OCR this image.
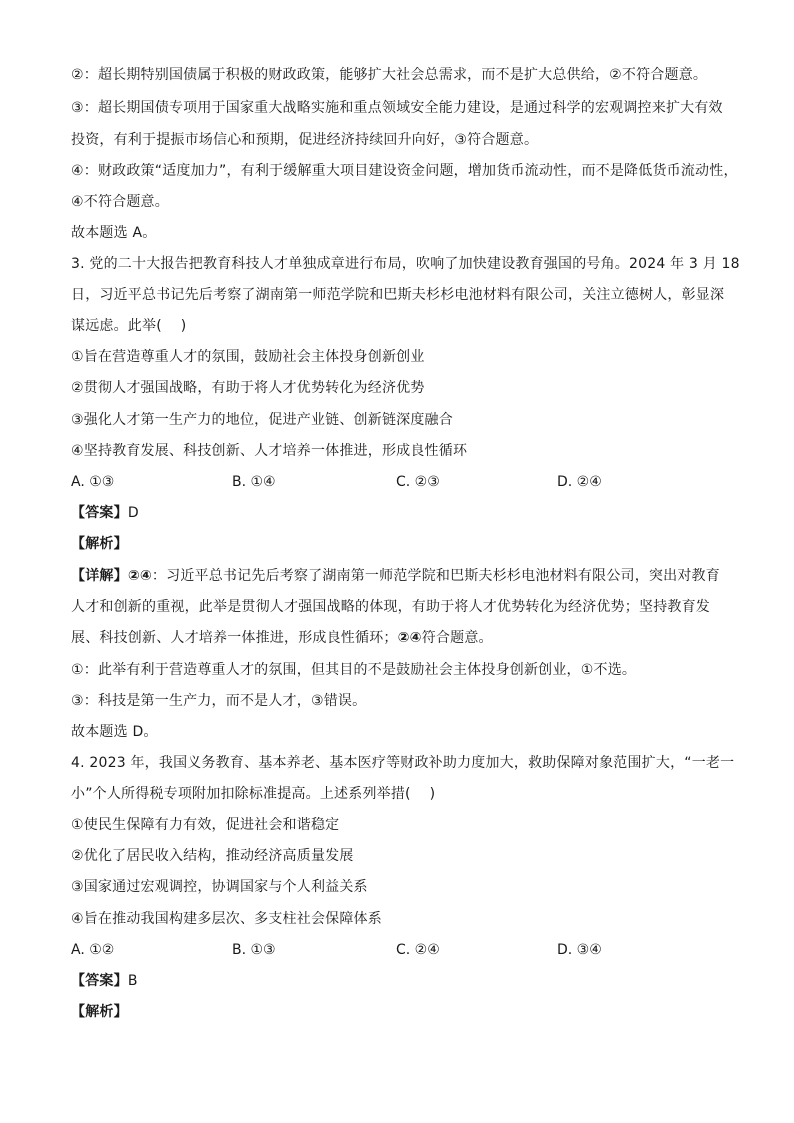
②：超长期特别国债属于积极的财政政策，能够扩大社会总需求，而不是扩大总供给，②不符合题意。
③：超长期国债专项用于国家重大战略实施和重点领域安全能力建设，是通过科学的宏观调控来扩大有效
投资，有利于提振市场信心和预期，促进经济持续回升向好，③符合题意。
④：财政政策“适度加力”，有利于缓解重大项目建设资金问题，增加货币流动性，而不是降低货币流动性，
④不符合题意。
故本题选 A。
3. 党的二十大报告把教育科技人才单独成章进行布局，吹响了加快建设教育强国的号角。2024 年 3 月 18
日，习近平总书记先后考察了湖南第一师范学院和巴斯夫杉杉电池材料有限公司，关注立德树人，彰显深
谋远虑。此举(　 )
①旨在营造尊重人才的氛围，鼓励社会主体投身创新创业
②贯彻人才强国战略，有助于将人才优势转化为经济优势
③强化人才第一生产力的地位，促进产业链、创新链深度融合
④坚持教育发展、科技创新、人才培养一体推进，形成良性循环
A. ①③	B. ①④	C. ②③	D. ②④
【答案】D
【解析】
【详解】②④：习近平总书记先后考察了湖南第一师范学院和巴斯夫杉杉电池材料有限公司，突出对教育
人才和创新的重视，此举是贯彻人才强国战略的体现，有助于将人才优势转化为经济优势；坚持教育发
展、科技创新、人才培养一体推进，形成良性循环；②④符合题意。
①：此举有利于营造尊重人才的氛围，但其目的不是鼓励社会主体投身创新创业，①不选。
③：科技是第一生产力，而不是人才，③错误。
故本题选 D。
4. 2023 年，我国义务教育、基本养老、基本医疗等财政补助力度加大，救助保障对象范围扩大，“一老一
小”个人所得税专项附加扣除标准提高。上述系列举措(　 )
①使民生保障有力有效，促进社会和谐稳定
②优化了居民收入结构，推动经济高质量发展
③国家通过宏观调控，协调国家与个人利益关系
④旨在推动我国构建多层次、多支柱社会保障体系
A. ①②	B. ①③	C. ②④	D. ③④
【答案】B
【解析】
